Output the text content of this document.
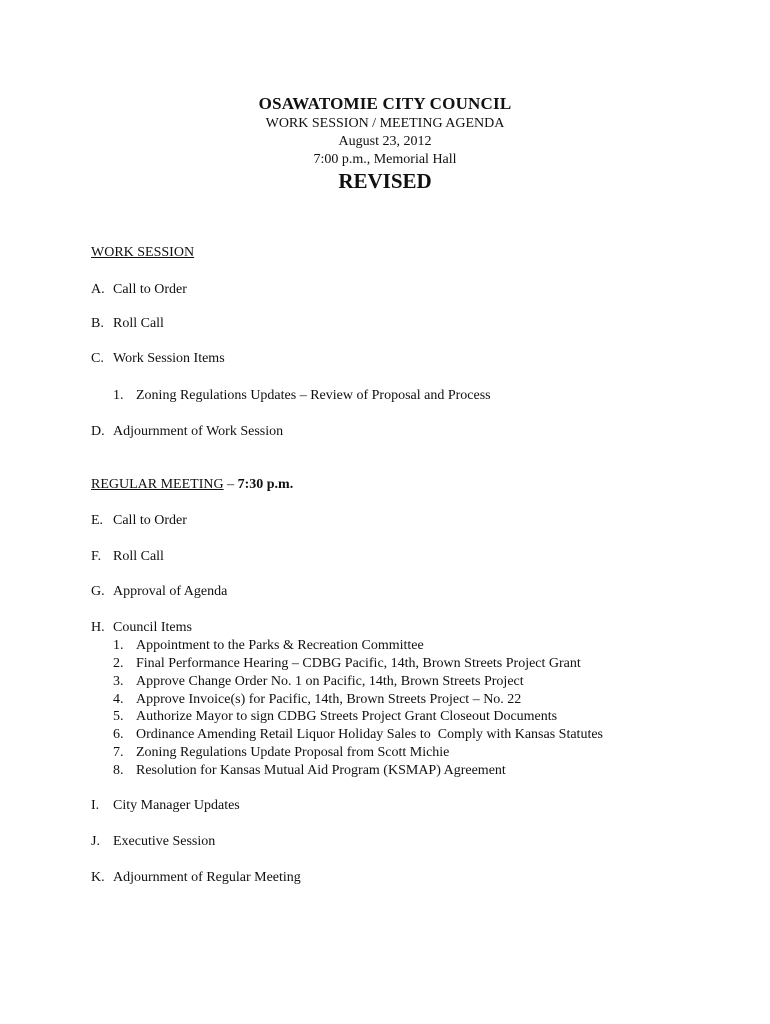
OSAWATOMIE CITY COUNCIL
WORK SESSION / MEETING AGENDA
August 23, 2012
7:00 p.m., Memorial Hall
REVISED
WORK SESSION
A. Call to Order
B. Roll Call
C. Work Session Items
1. Zoning Regulations Updates – Review of Proposal and Process
D. Adjournment of Work Session
REGULAR MEETING – 7:30 p.m.
E. Call to Order
F. Roll Call
G. Approval of Agenda
H. Council Items
1. Appointment to the Parks & Recreation Committee
2. Final Performance Hearing – CDBG Pacific, 14th, Brown Streets Project Grant
3. Approve Change Order No. 1 on Pacific, 14th, Brown Streets Project
4. Approve Invoice(s) for Pacific, 14th, Brown Streets Project – No. 22
5. Authorize Mayor to sign CDBG Streets Project Grant Closeout Documents
6. Ordinance Amending Retail Liquor Holiday Sales to  Comply with Kansas Statutes
7. Zoning Regulations Update Proposal from Scott Michie
8. Resolution for Kansas Mutual Aid Program (KSMAP) Agreement
I. City Manager Updates
J. Executive Session
K. Adjournment of Regular Meeting
